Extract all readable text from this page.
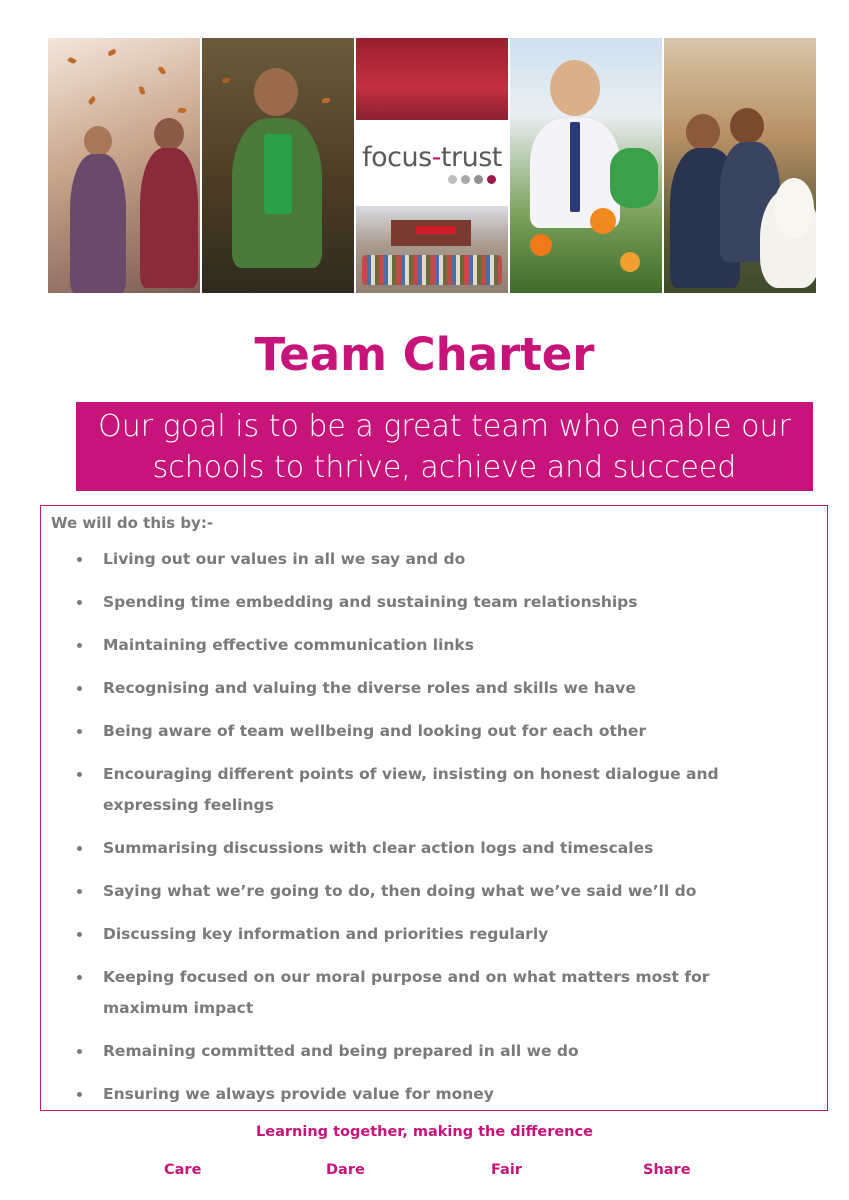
focus-trust
Team Charter
Our goal is to be a great team who enable our
schools to thrive, achieve and succeed
We will do this by:-
Living out our values in all we say and do
Spending time embedding and sustaining team relationships
Maintaining effective communication links
Recognising and valuing the diverse roles and skills we have
Being aware of team wellbeing and looking out for each other
Encouraging different points of view, insisting on honest dialogue and expressing feelings
Summarising discussions with clear action logs and timescales
Saying what we’re going to do, then doing what we’ve said we’ll do
Discussing key information and priorities regularly
Keeping focused on our moral purpose and on what matters most for maximum impact
Remaining committed and being prepared in all we do
Ensuring we always provide value for money
Learning together, making the difference
Care	Dare	Fair	Share
